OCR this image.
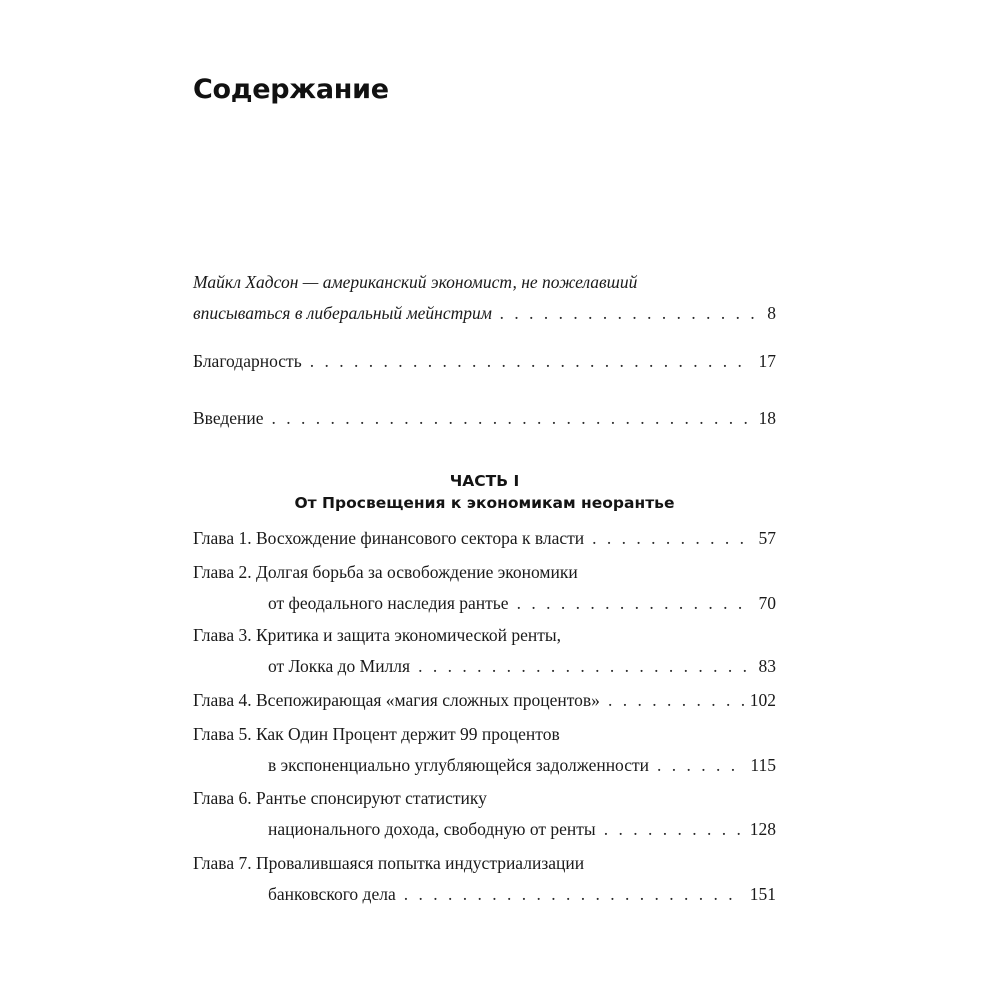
Содержание
Майкл Хадсон — американский экономист, не пожелавший
вписываться в либеральный мейнстрим . . .	8
Благодарность . . .	17
Введение . . .	18
ЧАСТЬ I
От Просвещения к экономикам неорантье
Глава 1. Восхождение финансового сектора к власти . . .	57
Глава 2. Долгая борьба за освобождение экономики
от феодального наследия рантье . . .	70
Глава 3. Критика и защита экономической ренты,
от Локка до Милля . . .	83
Глава 4. Всепожирающая «магия сложных процентов» . . .	102
Глава 5. Как Один Процент держит 99 процентов
в экспоненциально углубляющейся задолженности . . .	115
Глава 6. Рантье спонсируют статистику
национального дохода, свободную от ренты . . .	128
Глава 7. Провалившаяся попытка индустриализации
банковского дела . . .	151
